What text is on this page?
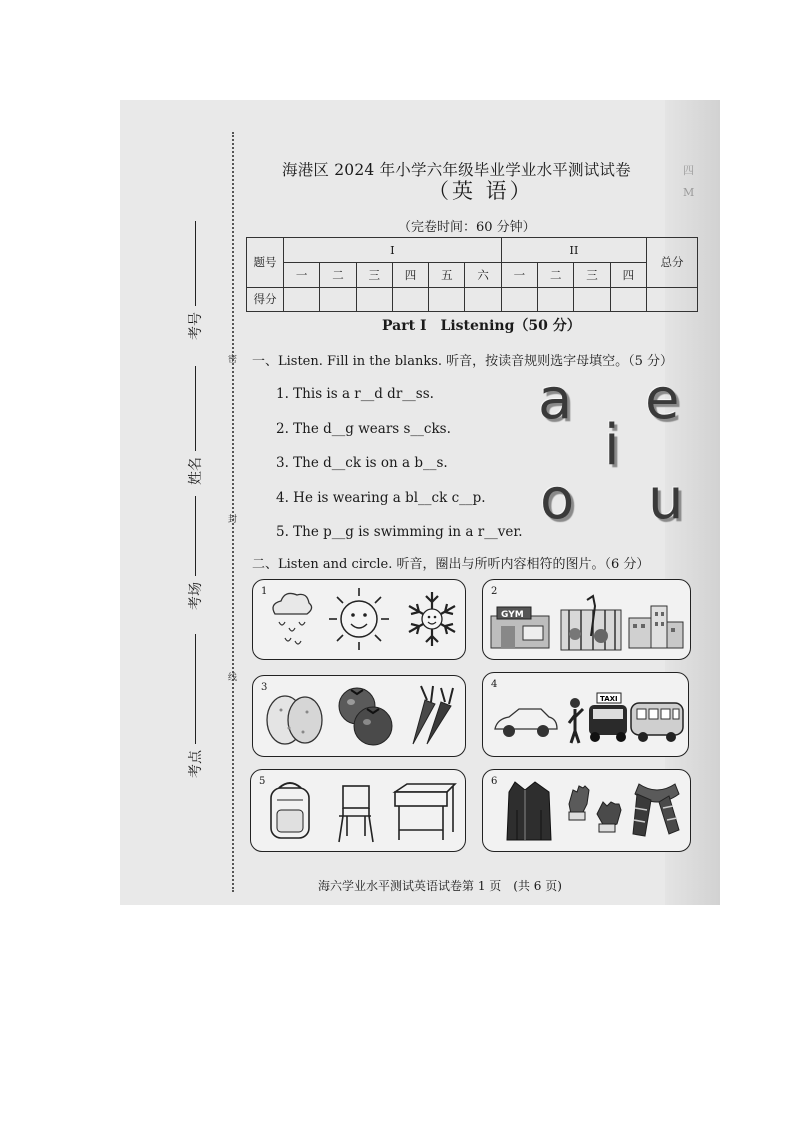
四
M
密
封
线
考号
姓名
考场
考点
海港区 2024 年小学六年级毕业学业水平测试试卷
（英 语）
（完卷时间：60 分钟）
题号	I						II				总分
	一	二	三	四	五	六	一	二	三	四	
得分											
Part I　Listening（50 分）
一、Listen. Fill in the blanks. 听音，按读音规则选字母填空。（5 分）
1. This is a r__d dr__ss.
2. The d__g wears s__cks.
3. The d__ck is on a b__s.
4. He is wearing a bl__ck c__p.
5. The p__g is swimming in a r__ver.
a e
i
o u
二、Listen and circle. 听音，圈出与所听内容相符的图片。（6 分）
1	2
GYM
3	4
TAXI
5	6
海六学业水平测试英语试卷第 1 页　(共 6 页)
